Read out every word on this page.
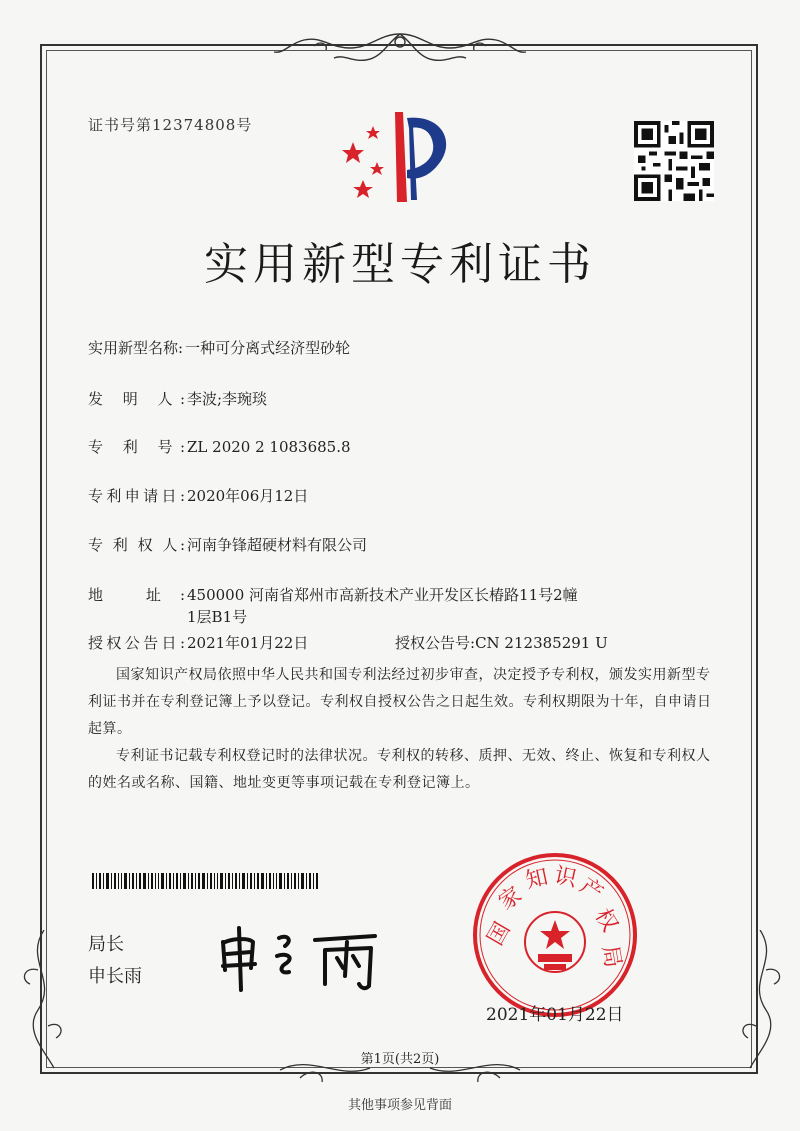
证书号第12374808号
实用新型专利证书
实用新型名称: 一种可分离式经济型砂轮
发 明 人: 李波;李琬琰
专 利 号: ZL 2020 2 1083685.8
专利申请日: 2020年06月12日
专 利 权 人: 河南争锋超硬材料有限公司
地 址: 450000 河南省郑州市高新技术产业开发区长椿路11号2幢
1层B1号
授权公告日: 2021年01月22日	授权公告号:CN 212385291 U
国家知识产权局依照中华人民共和国专利法经过初步审查，决定授予专利权，颁发实用新型专利证书并在专利登记簿上予以登记。专利权自授权公告之日起生效。专利权期限为十年，自申请日起算。
专利证书记载专利权登记时的法律状况。专利权的转移、质押、无效、终止、恢复和专利权人的姓名或名称、国籍、地址变更等事项记载在专利登记簿上。
局长
申长雨
国
家
知 识
产
权
局
2021年01月22日
第1页(共2页)
其他事项参见背面
